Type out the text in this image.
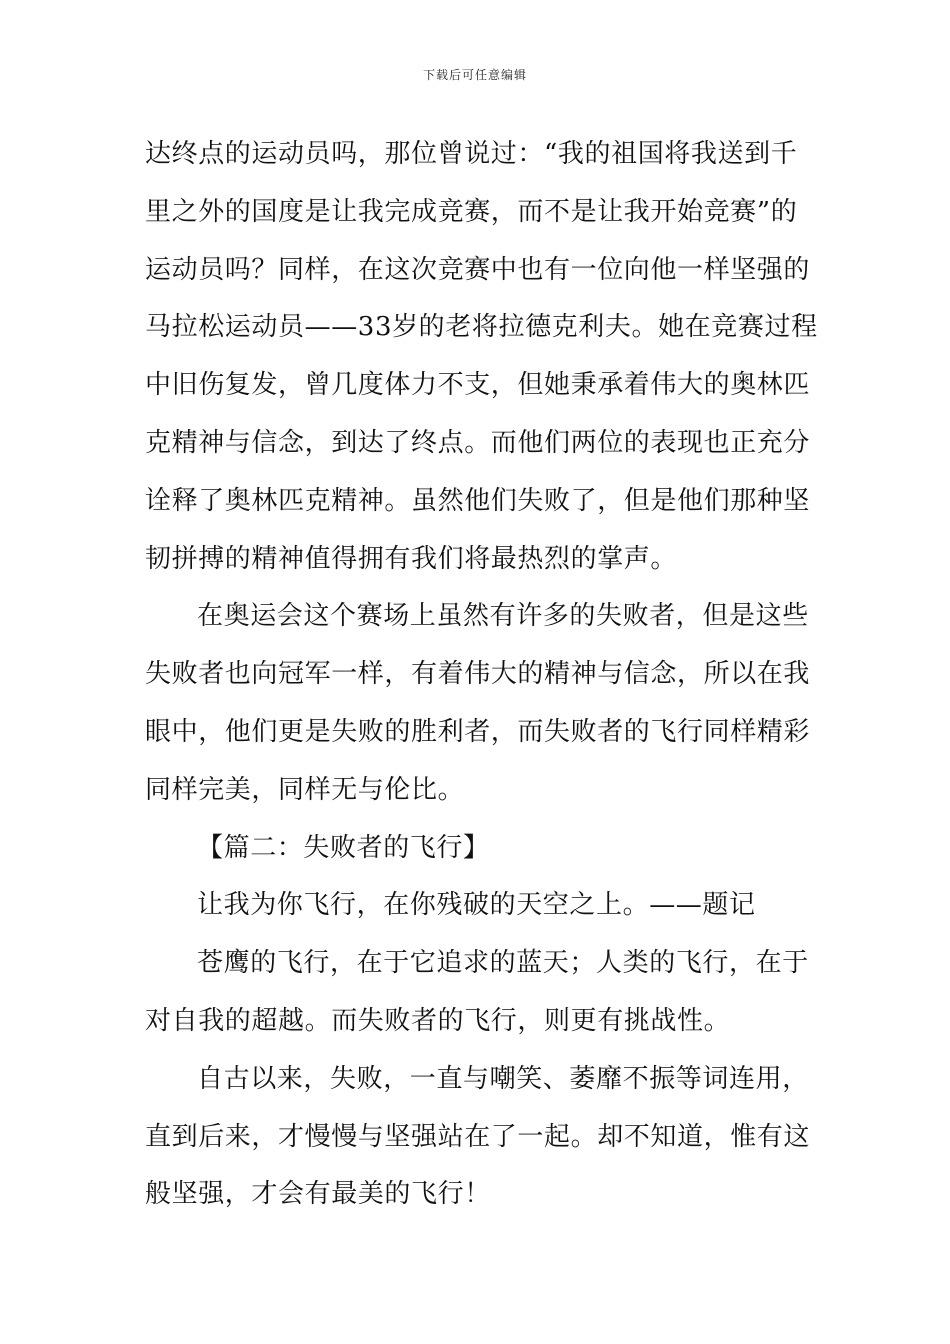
下载后可任意编辑
达终点的运动员吗，那位曾说过：“我的祖国将我送到千
里之外的国度是让我完成竞赛，而不是让我开始竞赛”的
运动员吗？同样，在这次竞赛中也有一位向他一样坚强的
马拉松运动员——33岁的老将拉德克利夫。她在竞赛过程
中旧伤复发，曾几度体力不支，但她秉承着伟大的奥林匹
克精神与信念，到达了终点。而他们两位的表现也正充分
诠释了奥林匹克精神。虽然他们失败了，但是他们那种坚
韧拼搏的精神值得拥有我们将最热烈的掌声。
在奥运会这个赛场上虽然有许多的失败者，但是这些
失败者也向冠军一样，有着伟大的精神与信念，所以在我
眼中，他们更是失败的胜利者，而失败者的飞行同样精彩
同样完美，同样无与伦比。
【篇二：失败者的飞行】
让我为你飞行，在你残破的天空之上。——题记
苍鹰的飞行，在于它追求的蓝天；人类的飞行，在于
对自我的超越。而失败者的飞行，则更有挑战性。
自古以来，失败，一直与嘲笑、萎靡不振等词连用，
直到后来，才慢慢与坚强站在了一起。却不知道，惟有这
般坚强，才会有最美的飞行！
